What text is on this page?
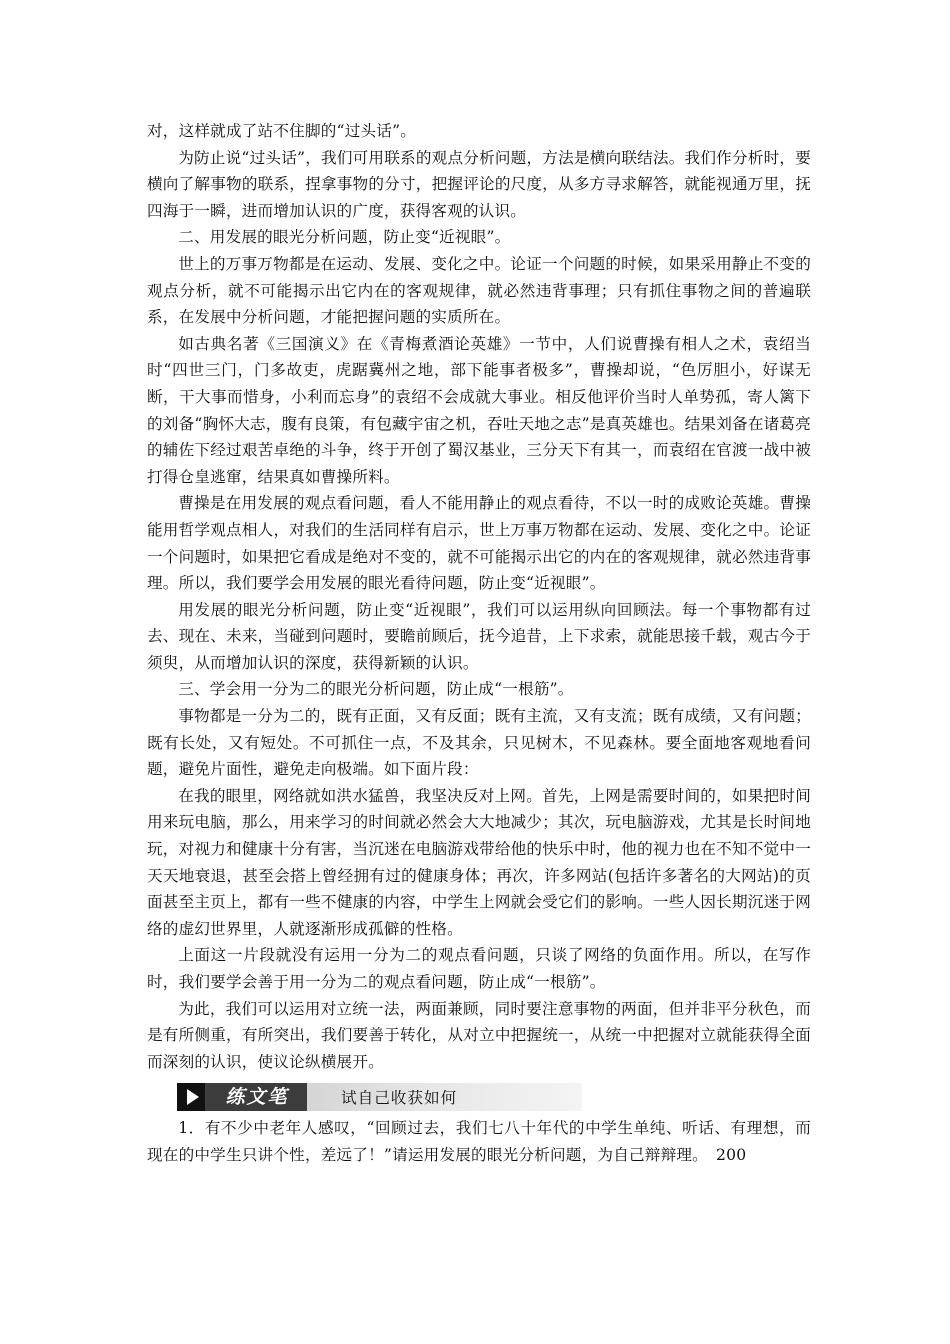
对，这样就成了站不住脚的“过头话”。

为防止说“过头话”，我们可用联系的观点分析问题，方法是横向联结法。我们作分析时，要横向了解事物的联系，捏拿事物的分寸，把握评论的尺度，从多方寻求解答，就能视通万里，抚四海于一瞬，进而增加认识的广度，获得客观的认识。

二、用发展的眼光分析问题，防止变“近视眼”。

世上的万事万物都是在运动、发展、变化之中。论证一个问题的时候，如果采用静止不变的观点分析，就不可能揭示出它内在的客观规律，就必然违背事理；只有抓住事物之间的普遍联系，在发展中分析问题，才能把握问题的实质所在。

如古典名著《三国演义》在《青梅煮酒论英雄》一节中，人们说曹操有相人之术，袁绍当时“四世三门，门多故吏，虎踞冀州之地，部下能事者极多”，曹操却说，“色厉胆小，好谋无断，干大事而惜身，小利而忘身”的袁绍不会成就大事业。相反他评价当时人单势孤，寄人篱下的刘备“胸怀大志，腹有良策，有包藏宇宙之机，吞吐天地之志”是真英雄也。结果刘备在诸葛亮的辅佐下经过艰苦卓绝的斗争，终于开创了蜀汉基业，三分天下有其一，而袁绍在官渡一战中被打得仓皇逃窜，结果真如曹操所料。

曹操是在用发展的观点看问题，看人不能用静止的观点看待，不以一时的成败论英雄。曹操能用哲学观点相人，对我们的生活同样有启示，世上万事万物都在运动、发展、变化之中。论证一个问题时，如果把它看成是绝对不变的，就不可能揭示出它的内在的客观规律，就必然违背事理。所以，我们要学会用发展的眼光看待问题，防止变“近视眼”。

用发展的眼光分析问题，防止变“近视眼”，我们可以运用纵向回顾法。每一个事物都有过去、现在、未来，当碰到问题时，要瞻前顾后，抚今追昔，上下求索，就能思接千载，观古今于须臾，从而增加认识的深度，获得新颖的认识。

三、学会用一分为二的眼光分析问题，防止成“一根筋”。

事物都是一分为二的，既有正面，又有反面；既有主流，又有支流；既有成绩，又有问题；既有长处，又有短处。不可抓住一点，不及其余，只见树木，不见森林。要全面地客观地看问题，避免片面性，避免走向极端。如下面片段：

在我的眼里，网络就如洪水猛兽，我坚决反对上网。首先，上网是需要时间的，如果把时间用来玩电脑，那么，用来学习的时间就必然会大大地减少；其次，玩电脑游戏，尤其是长时间地玩，对视力和健康十分有害，当沉迷在电脑游戏带给他的快乐中时，他的视力也在不知不觉中一天天地衰退，甚至会搭上曾经拥有过的健康身体；再次，许多网站(包括许多著名的大网站)的页面甚至主页上，都有一些不健康的内容，中学生上网就会受它们的影响。一些人因长期沉迷于网络的虚幻世界里，人就逐渐形成孤僻的性格。

上面这一片段就没有运用一分为二的观点看问题，只谈了网络的负面作用。所以，在写作时，我们要学会善于用一分为二的观点看问题，防止成“一根筋”。

为此，我们可以运用对立统一法，两面兼顾，同时要注意事物的两面，但并非平分秋色，而是有所侧重，有所突出，我们要善于转化，从对立中把握统一，从统一中把握对立就能获得全面而深刻的认识，使议论纵横展开。

练文笔	试自己收获如何

1．有不少中老年人感叹，“回顾过去，我们七八十年代的中学生单纯、听话、有理想，而现在的中学生只讲个性，差远了！”请运用发展的眼光分析问题，为自己辩辩理。　200
